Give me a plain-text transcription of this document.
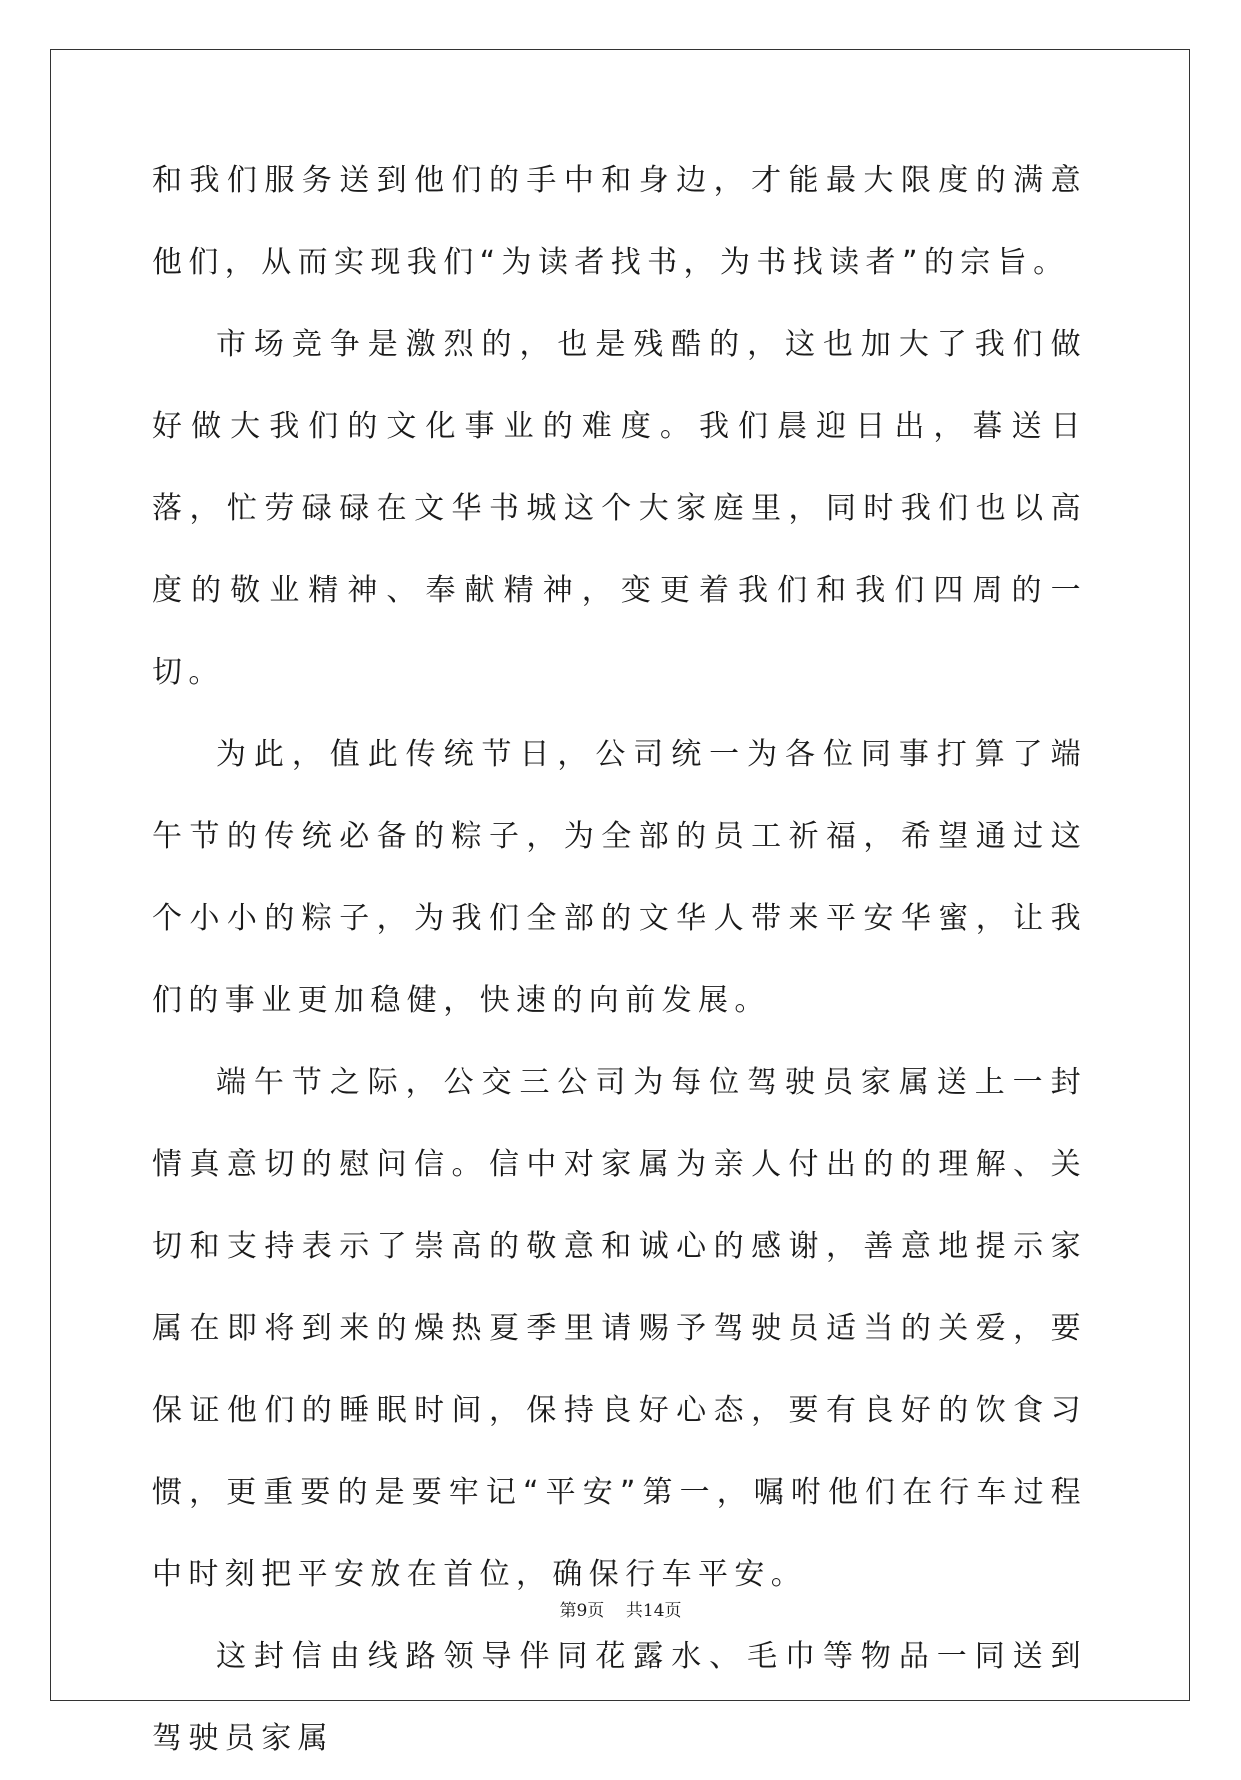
和我们服务送到他们的手中和身边，才能最大限度的满意他们，从而实现我们“为读者找书，为书找读者”的宗旨。

市场竞争是激烈的，也是残酷的，这也加大了我们做好做大我们的文化事业的难度。我们晨迎日出，暮送日落，忙劳碌碌在文华书城这个大家庭里，同时我们也以高度的敬业精神、奉献精神，变更着我们和我们四周的一切。

为此，值此传统节日，公司统一为各位同事打算了端午节的传统必备的粽子，为全部的员工祈福，希望通过这个小小的粽子，为我们全部的文华人带来平安华蜜，让我们的事业更加稳健，快速的向前发展。

端午节之际，公交三公司为每位驾驶员家属送上一封情真意切的慰问信。信中对家属为亲人付出的的理解、关切和支持表示了崇高的敬意和诚心的感谢，善意地提示家属在即将到来的燥热夏季里请赐予驾驶员适当的关爱，要保证他们的睡眠时间，保持良好心态，要有良好的饮食习惯，更重要的是要牢记“平安”第一，嘱咐他们在行车过程中时刻把平安放在首位，确保行车平安。

这封信由线路领导伴同花露水、毛巾等物品一同送到驾驶员家属

第9页 共14页
